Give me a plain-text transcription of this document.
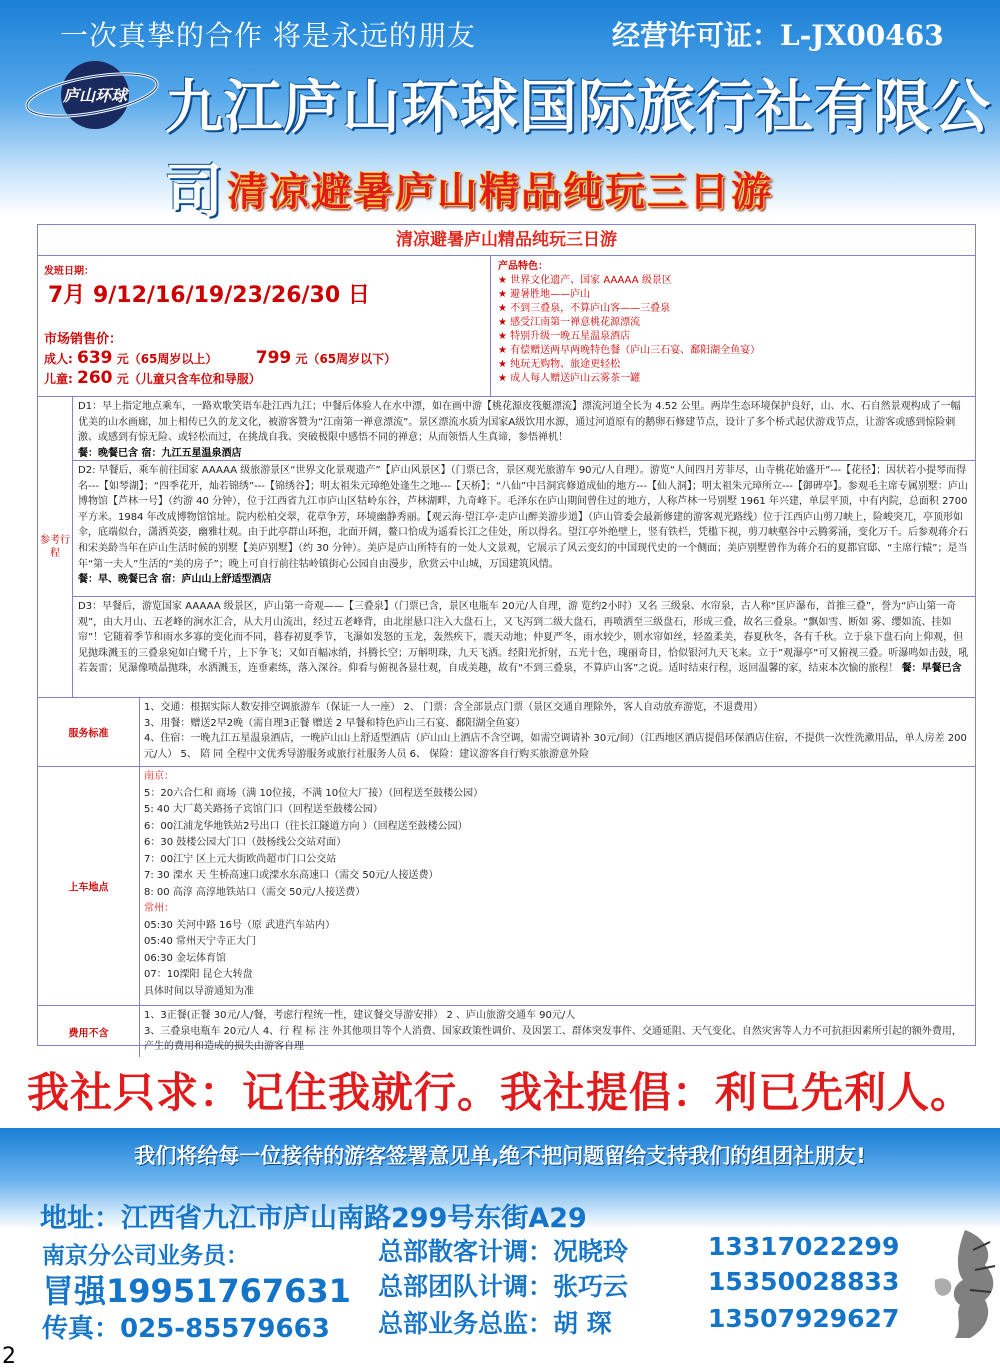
一次真挚的合作 将是永远的朋友	经营许可证：L-JX00463
庐山环球 九江庐山环球国际旅行社有限公司 清凉避暑庐山精品纯玩三日游
清凉避暑庐山精品纯玩三日游
发班日期：
7月 9/12/16/19/23/26/30 日
市场销售价：
成人: 639 元（65周岁以上） 799 元（65周岁以下）
儿童: 260 元（儿童只含车位和导服）
产品特色：
★ 世界文化遗产、国家 AAAAA 级景区
★ 避暑胜地——庐山
★ 不到三叠泉，不算庐山客——三叠泉
★ 感受江南第一禅意桃花源漂流
★ 特别升级一晚五星温泉酒店
★ 有偿赠送两早两晚特色餐（庐山三石宴、鄱阳湖全鱼宴）
★ 纯玩无购物、旅途更轻松
★ 成人每人赠送庐山云雾茶一罐
参考行程
D1：早上指定地点乘车，一路欢歌笑语车赴江西九江；中餐后体验人在水中漂，如在画中游【桃花源皮筏艇漂流】漂流河道全长为 4.52 公里。两岸生态环境保护良好，山、水、石自然景观构成了一幅优美的山水画廊，加上相传已久的龙文化，被游客赞为“江南第一禅意漂流”。景区漂流水质为国家A级饮用水源，通过河道原有的鹅卵石修建节点，设计了多个桥式起伏游戏节点，让游客或感到惊险刺激、或感到有惊无险、或轻松而过，在挑战自我、突破极限中感悟不同的禅意；从而领悟人生真谛，参悟禅机！
餐：晚餐已含 宿：九江五星温泉酒店
D2: 早餐后，乘车前往国家 AAAAA 级旅游景区“世界文化景观遗产”【庐山风景区】（门票已含，景区观光旅游车 90元/人自理）。游览“人间四月芳菲尽，山寺桃花始盛开”---【花径】；因状若小提琴而得名---【如琴湖】；“四季花开，灿若锦绣”---【锦绣谷】；明太祖朱元璋绝处逢生之地---【天桥】；“八仙”中吕洞宾修道成仙的地方---【仙人洞】；明太祖朱元璋所立---【御碑亭】。参观毛主席专属别墅：庐山博物馆【芦林一号】（约游 40 分钟），位于江西省九江市庐山区牯岭东谷，芦林湖畔，九奇峰下。毛泽东在庐山期间曾住过的地方，人称芦林一号别墅 1961 年兴建，单层平顶，中有内院，总面积 2700 平方米。1984 年改成博物馆馆址。院内松柏交翠，花草争芳，环境幽静秀丽。【观云海·望江亭·走庐山醉美游步道】（庐山管委会最新修建的游客观光路线）位于江西庐山剪刀峡上，险峻突兀，亭顶形如伞，底端似台，潇洒英姿，幽雅壮观。由于此亭群山环抱，北面开阔，鳌口恰成为遥看长江之佳处，所以得名。望江亭外绝壁上，竖有铁栏，凭槛下视，剪刀峡壑谷中云腾雾涌，变化万千。后参观蒋介石和宋美龄当年在庐山生活时候的别墅【美庐别墅】（约 30 分钟）。美庐是庐山所特有的一处人文景观，它展示了风云变幻的中国现代史的一个侧面；美庐别墅曾作为蒋介石的夏都官邸、“主席行辕”；是当年“第一夫人”生活的“美的房子”；晚上可自行前往牯岭镇街心公园自由漫步，欣赏云中山城，万国建筑风情。
餐：早、晚餐已含 宿：庐山山上舒适型酒店
D3：早餐后，游览国家 AAAAA 级景区，庐山第一奇观——【三叠泉】（门票已含，景区电瓶车 20元/人自理，游 览约2小时）又名 三级泉、水帘泉，古人称“匡庐瀑布，首推三叠”，誉为“庐山第一奇观”，由大月山、五老峰的涧水汇合，从大月山流出，经过五老峰背，由北崖悬口注入大盘石上，又飞泻到二级大盘石，再喷洒至三级盘石，形成三叠，故名三叠泉。“飘如雪、断如 雾、缨如流、挂如帘”！它随着季节和雨水多寡的变化而不同，暮春初夏季节，飞瀑如发怒的玉龙，轰然疾下，震天动地；仲夏严冬，雨水较少，则水帘如丝，轻盈柔美，春夏秋冬，各有千秋。立于泉下盘石向上仰观，但见抛珠溅玉的三叠泉宛如白鹭千片，上下争飞；又如百幅冰绡，抖腾长空；万斛明珠，九天飞洒。经阳光折射，五光十色，瑰丽奇目，恰似银河九天飞来。立于”观瀑亭”可又俯视三叠。听瀑鸣如击鼓，吼若轰雷；见瀑像喷晶抛珠，水洒溅玉，连垂素练，落入深谷。仰看与俯视各显壮观，自成美趣，故有“不到三叠泉，不算庐山客”之说。适时结束行程，返回温馨的家，结束本次愉的旅程！ 餐：早餐已含
服务标准
1、交通：根据实际人数安排空调旅游车（保证一人一座） 2、 门票：含全部景点门票（景区交通自理除外，客人自动放弃游览，不退费用）
3、用餐：赠送2早2晚（需自理3正餐 赠送 2 早餐和特色庐山三石宴、鄱阳湖全鱼宴）
4、住宿：一晚九江五星温泉酒店，一晚庐山山上舒适型酒店（庐山山上酒店不含空调，如需空调请补 30元/间）（江西地区酒店提倡环保酒店住宿，不提供一次性洗漱用品，单人房差 200元/人） 5、 陪 同 全程中文优秀导游服务或旅行社服务人员 6、 保险：建议游客自行购买旅游意外险
上车地点
南京：
5：20六合仁和 商场（满 10位接，不满 10位大厂接）（回程送至鼓楼公园）
5: 40 大厂葛关路扬子宾馆门口（回程送至鼓楼公园）
6：00江浦龙华地铁站2号出口（往长江隧道方向 ）（回程送至鼓楼公园）
6：30 鼓楼公园大门口（鼓杨线公交站对面）
7：00江宁 区上元大街欧尚超市门口公交站
7: 30 溧水 天 生桥高速口或溧水东高速口（需交 50元/人接送费）
8: 00 高淳 高淳地铁站口（需交 50元/人接送费）
常州：
05:30 关河中路 16号（原 武进汽车站内）
05:40 常州天宁寺正大门
06:30 金坛体育馆
07：10溧阳 昆仑大转盘
具体时间以导游通知为准
费用不含
1、3正餐(正餐 30元/人/餐，考虑行程统一性，建议餐交导游安排） 2 、庐山旅游交通车 90元/人
3、三叠泉电瓶车 20元/人 4、行 程 标 注 外其他项目等个人消费、国家政策性调价、及因罢工、群体突发事件、交通延阻、天气变化、自然灾害等人力不可抗拒因素所引起的额外费用，产生的费用和造成的损失由游客自理
我社只求：记住我就行。我社提倡：利已先利人。
我们将给每一位接待的游客签署意见单,绝不把问题留给支持我们的组团社朋友!
地址：江西省九江市庐山南路299号东街A29
南京分公司业务员：
冒强19951767631
传真：025-85579663
总部散客计调：况晓玲	13317022299
总部团队计调：张巧云	15350028833
总部业务总监：胡 琛	13507929627
2
